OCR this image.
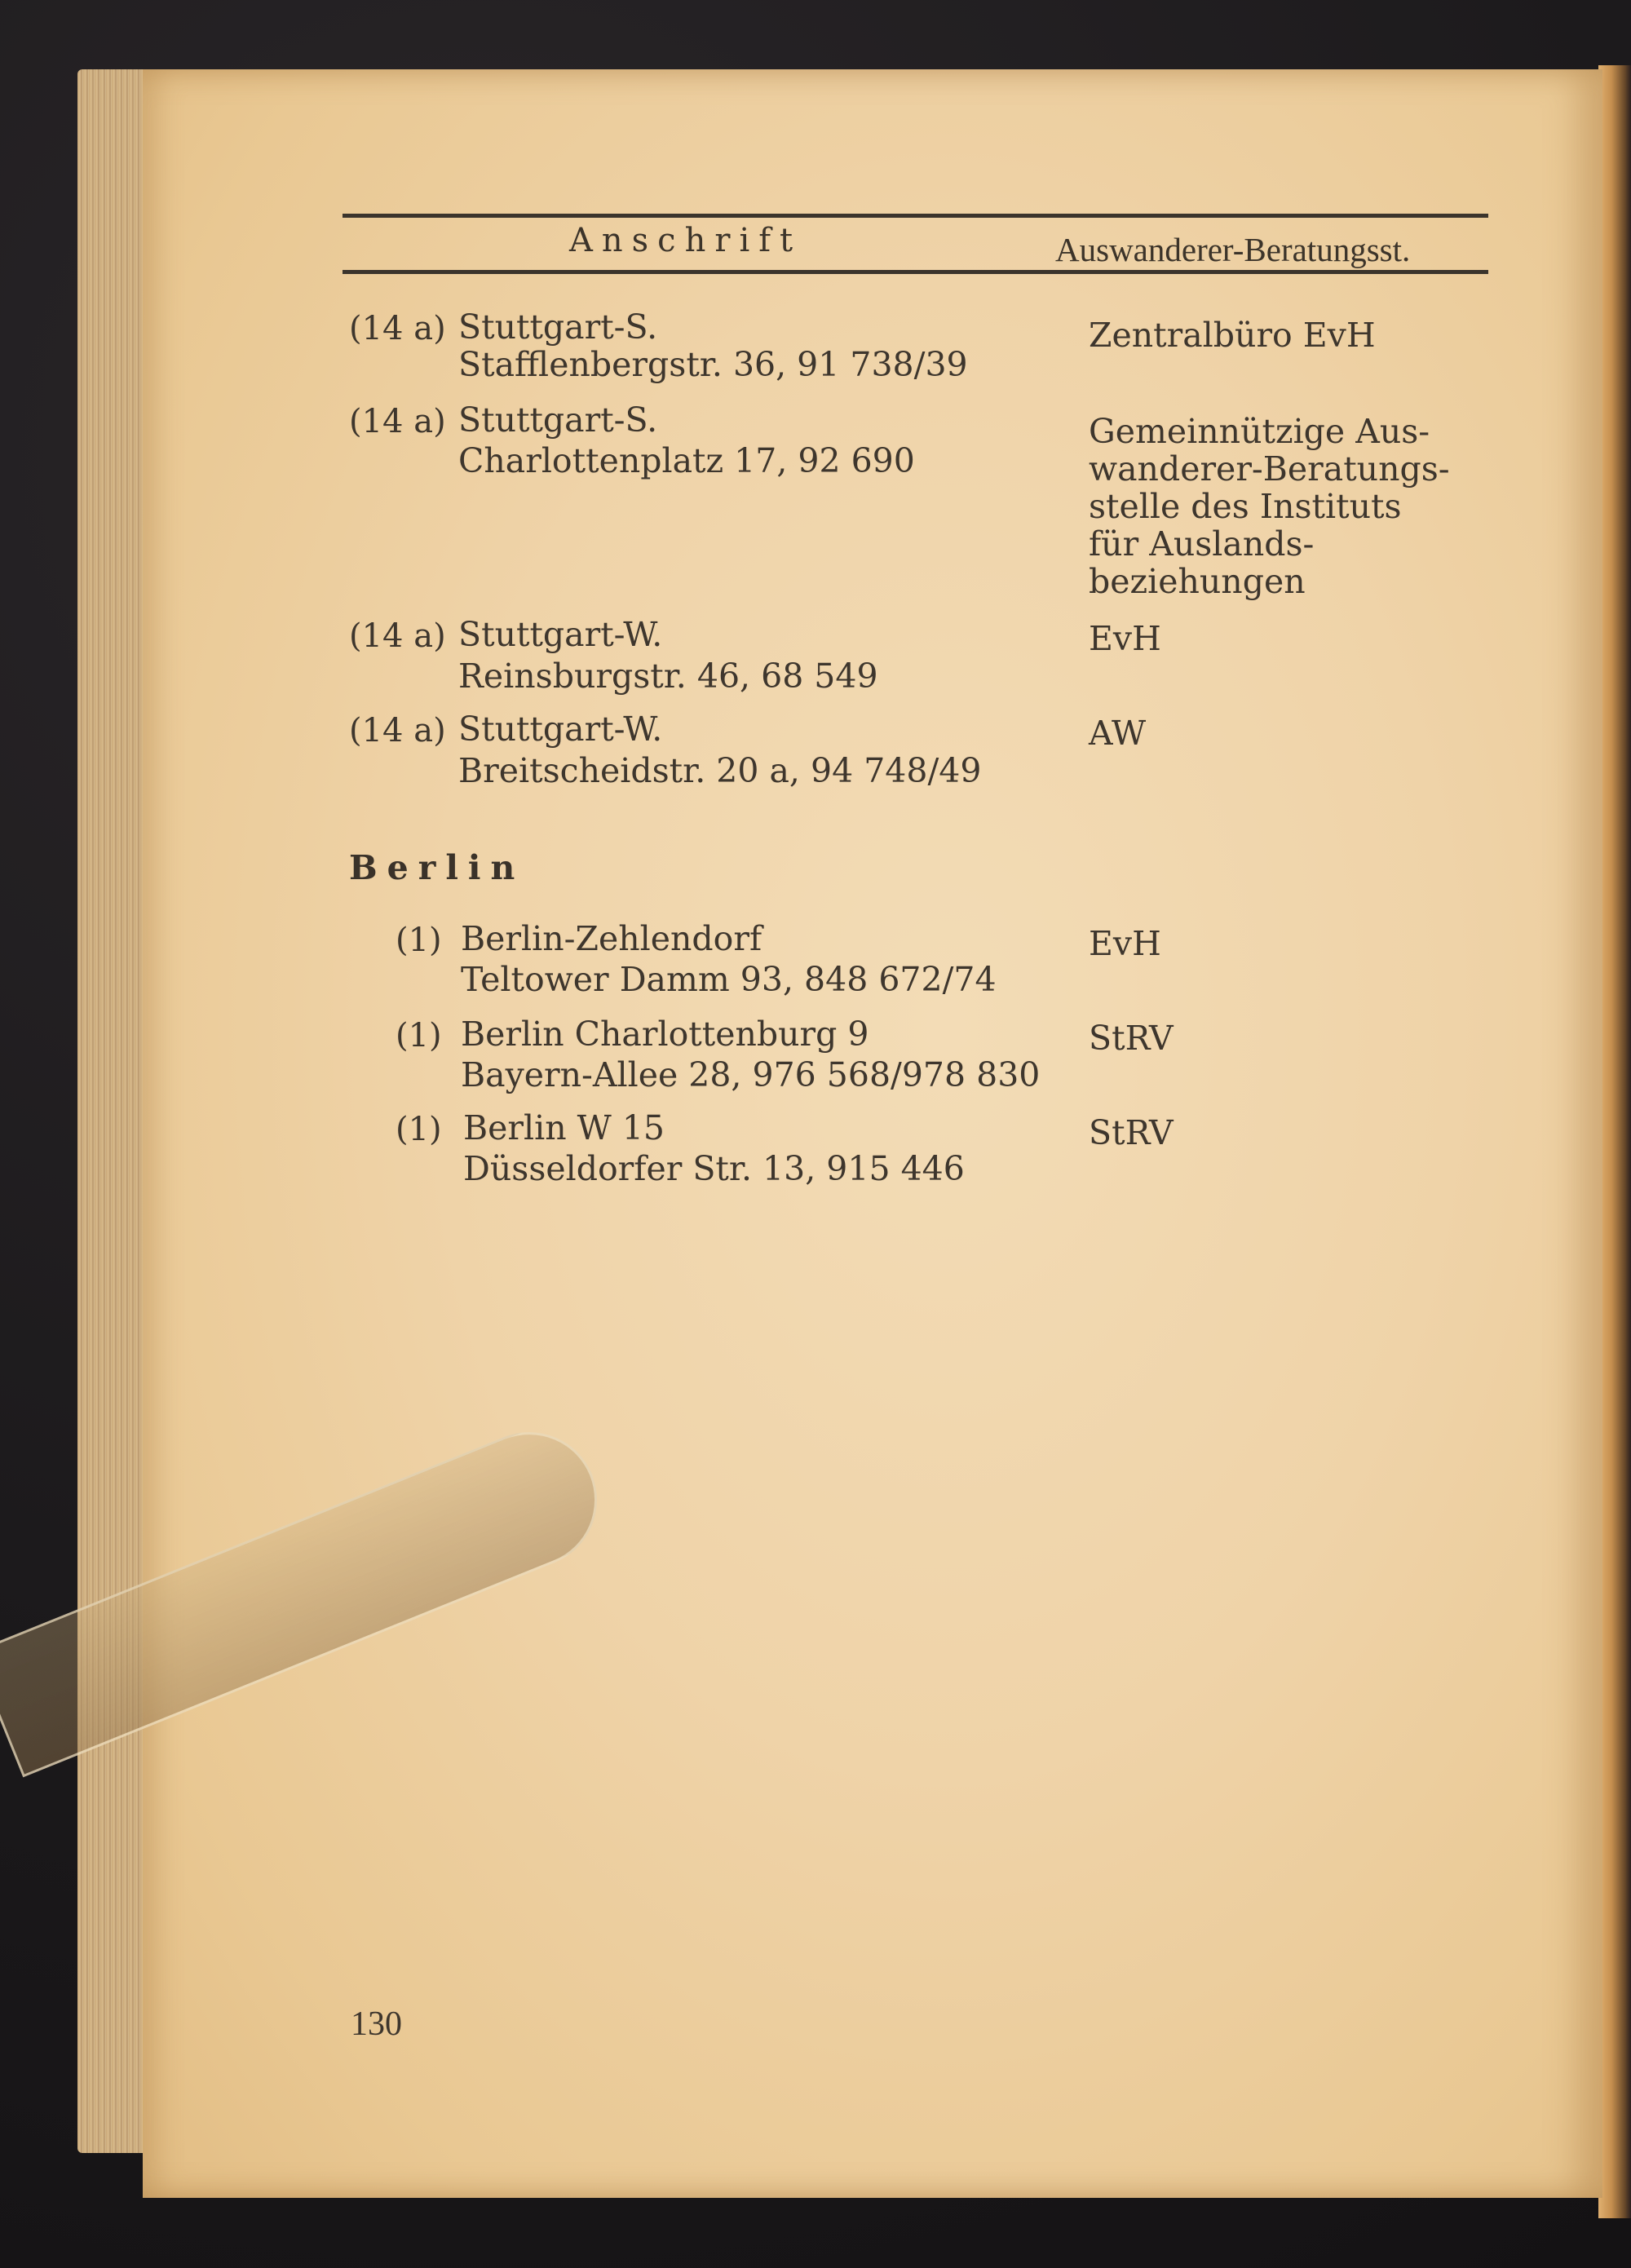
Anschrift	Auswanderer-Beratungsst.
(14 a) Stuttgart-S.
Stafflenbergstr. 36, 91 738/39
Zentralbüro EvH
(14 a) Stuttgart-S.
Charlottenplatz 17, 92 690
Gemeinnützige Aus-
wanderer-Beratungs-
stelle des Instituts
für Auslands-
beziehungen
(14 a) Stuttgart-W.
Reinsburgstr. 46, 68 549
EvH
(14 a) Stuttgart-W.
Breitscheidstr. 20 a, 94 748/49
AW
Berlin
(1) Berlin-Zehlendorf
Teltower Damm 93, 848 672/74
EvH
(1) Berlin Charlottenburg 9
Bayern-Allee 28, 976 568/978 830
StRV
(1) Berlin W 15
Düsseldorfer Str. 13, 915 446
StRV
130
